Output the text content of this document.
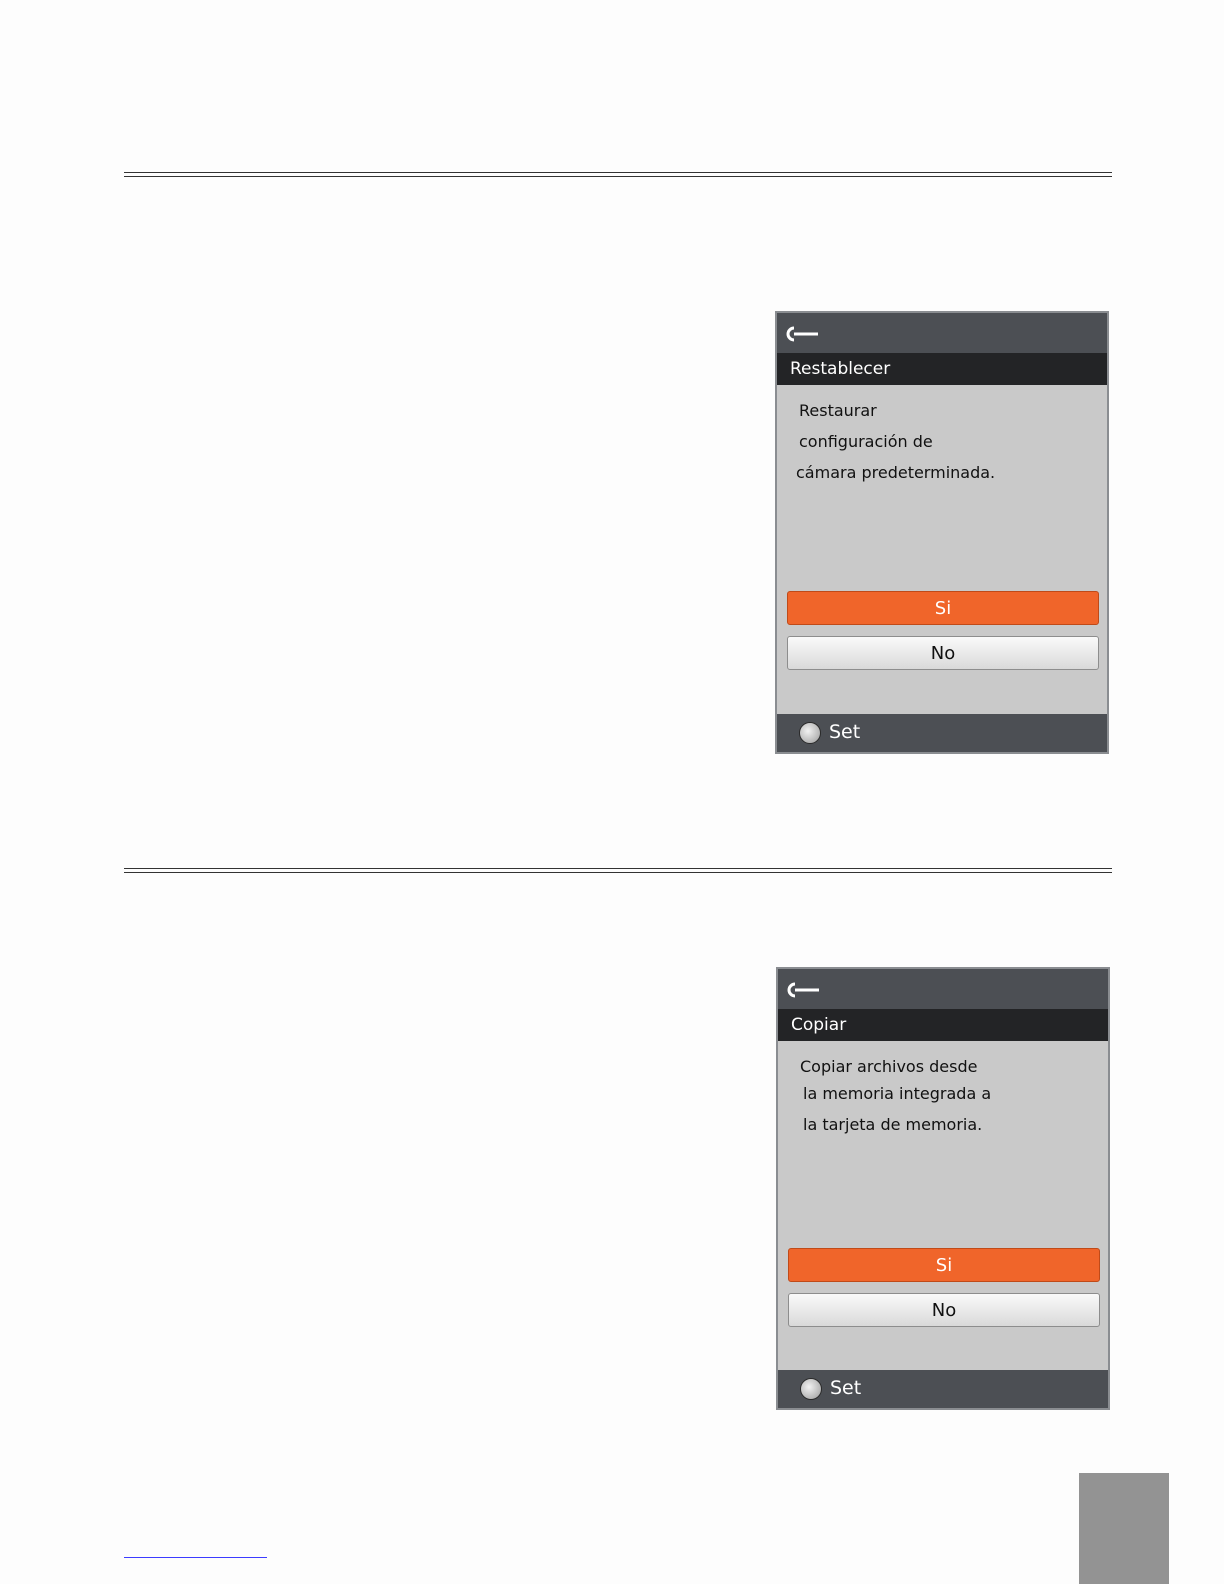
Restablecer
Restaurar
configuración de
cámara predeterminada.
Si
No
Set
Copiar
Copiar archivos desde
la memoria integrada a
la tarjeta de memoria.
Si
No
Set
